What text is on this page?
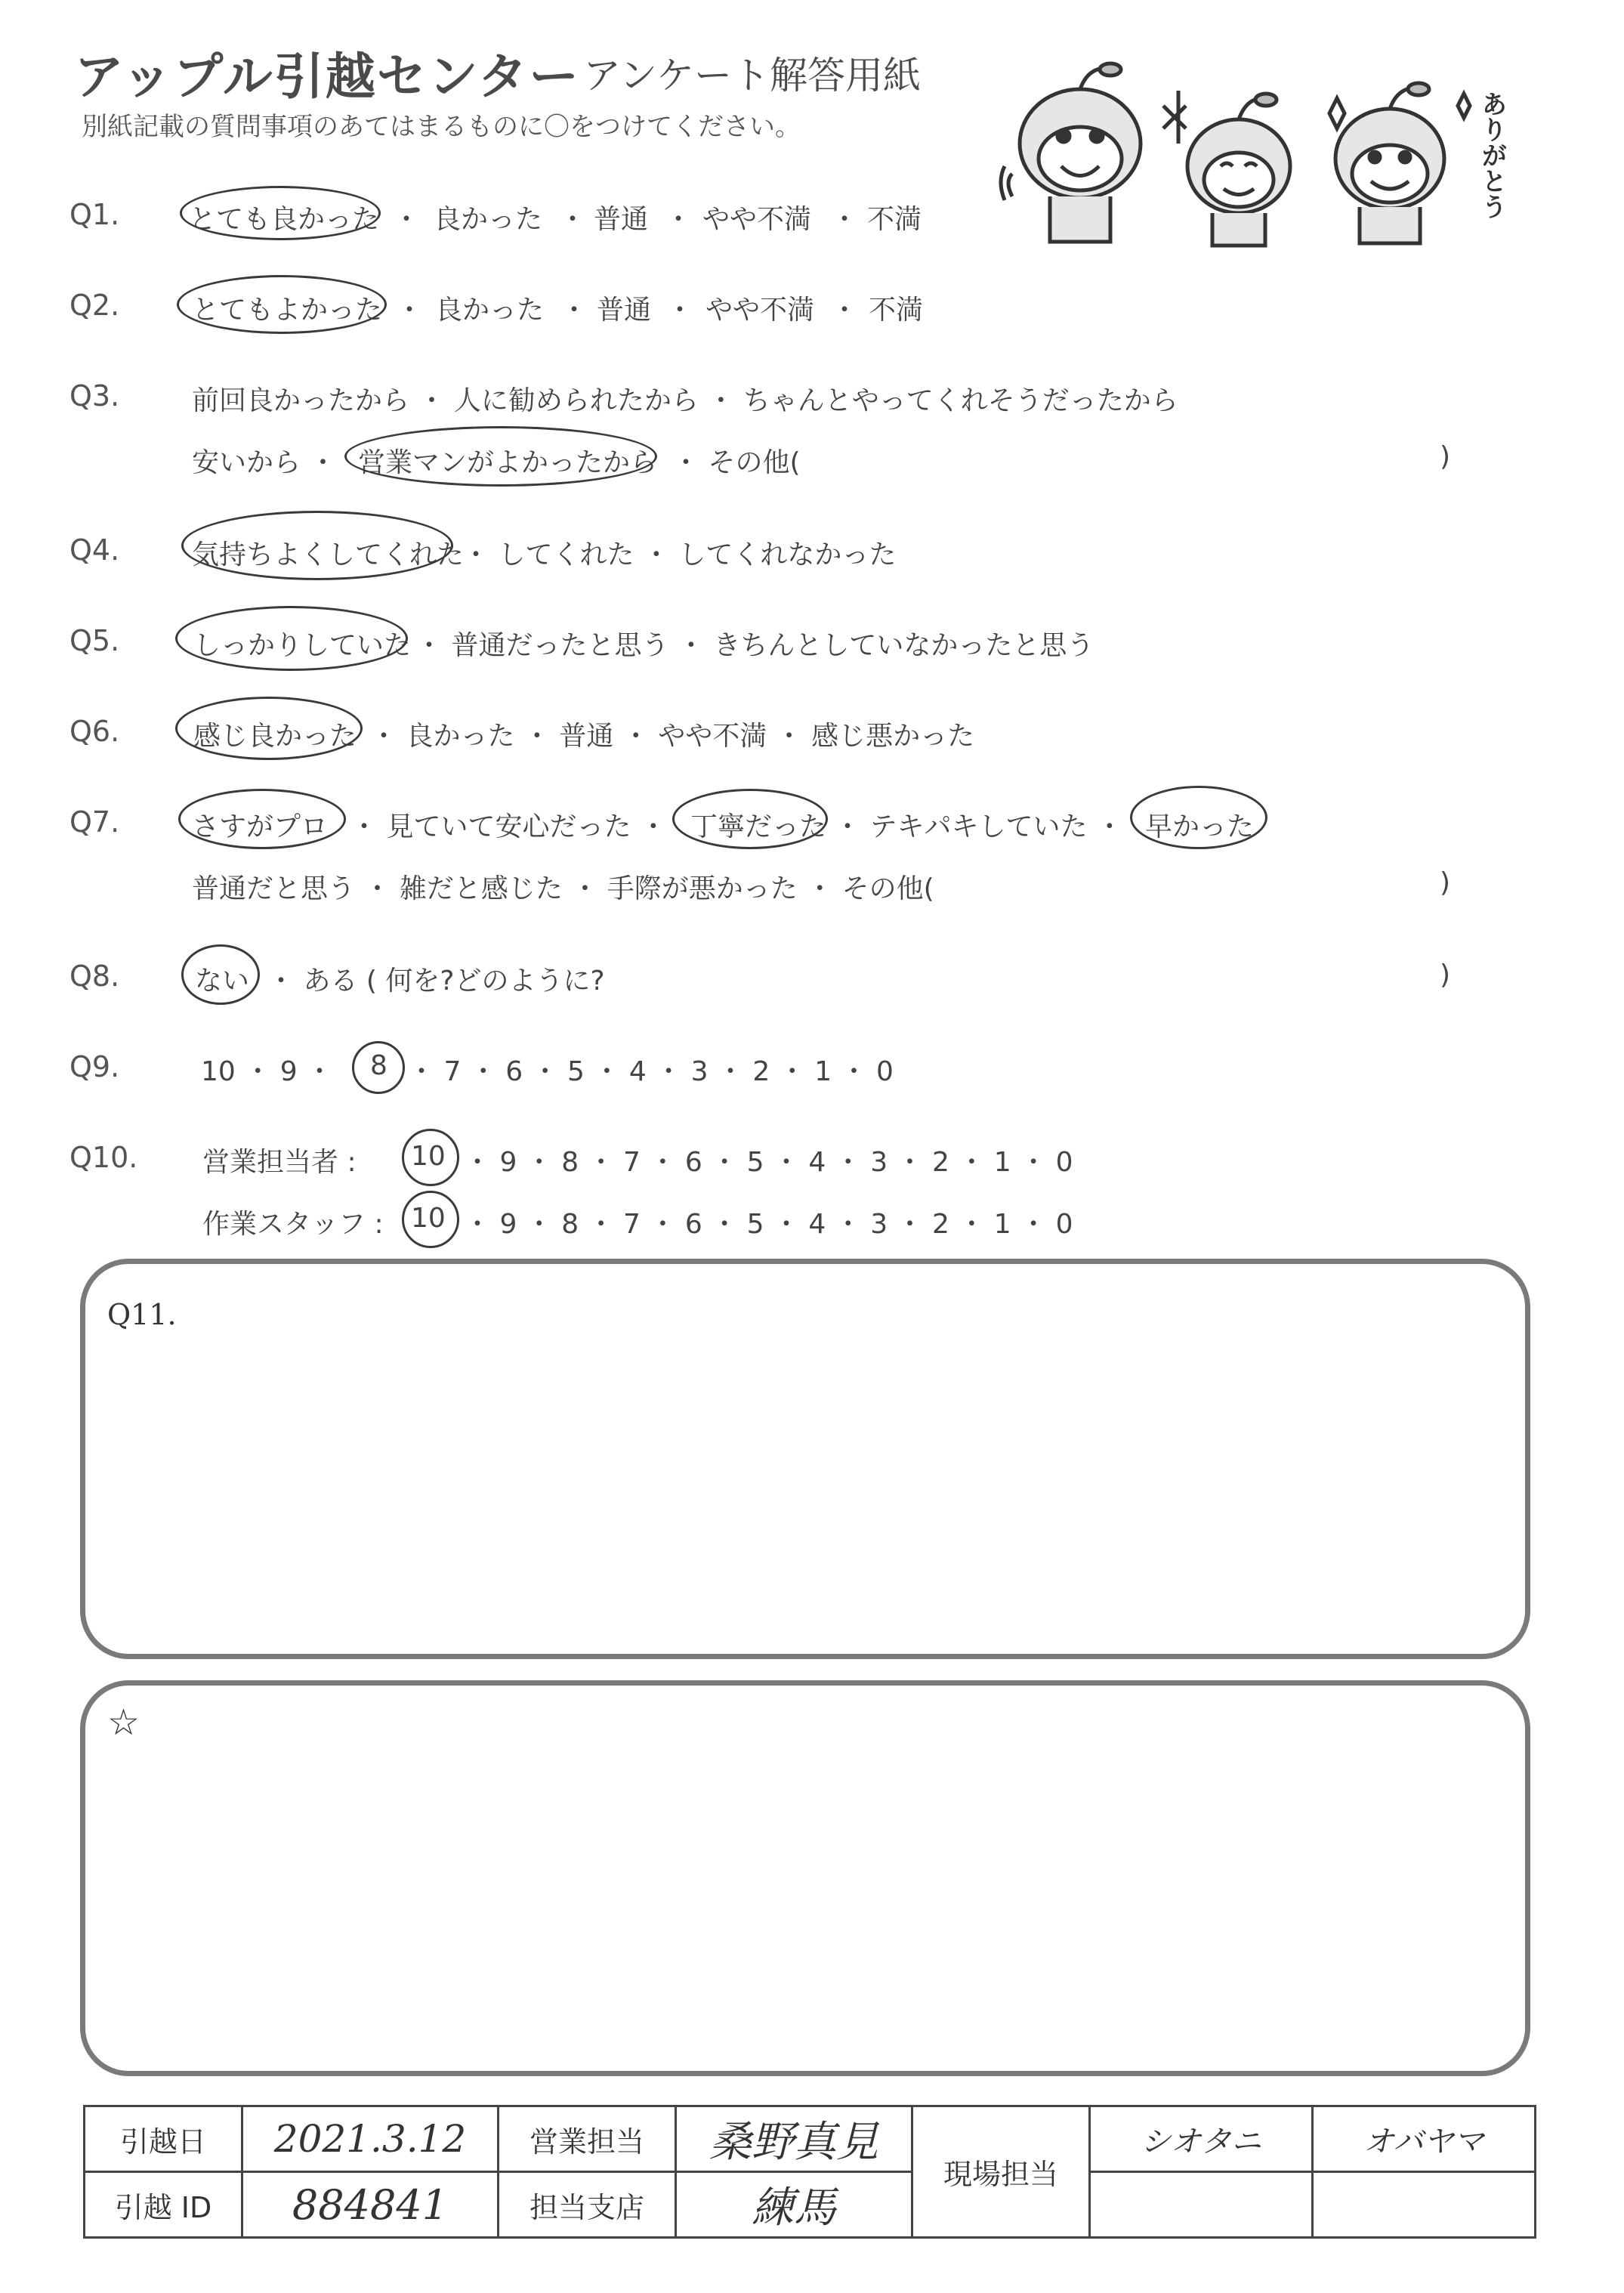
アップル引越センター アンケート解答用紙
別紙記載の質問事項のあてはまるものに〇をつけてください。	ありがとう
Q1.	とても良かった ・ 良かった ・ 普通 ・ やや不満 ・ 不満
Q2.	とてもよかった ・ 良かった ・ 普通 ・ やや不満 ・ 不満
Q3.	前回良かったから ・ 人に勧められたから ・ ちゃんとやってくれそうだったから
安いから ・ 営業マンがよかったから ・ その他(	)
Q4.	気持ちよくしてくれた
・ してくれた ・ してくれなかった
Q5.	しっかりしていた ・ 普通だったと思う ・ きちんとしていなかったと思う
Q6.	感じ良かった ・ 良かった ・ 普通 ・ やや不満 ・ 感じ悪かった
Q7.	さすがプロ ・ 見ていて安心だった ・ 丁寧だった ・ テキパキしていた ・ 早かった
普通だと思う ・ 雑だと感じた ・ 手際が悪かった ・ その他(	)
Q8.	ない ・ ある ( 何を?どのように?	)
Q9.	10 ・ 9 ・ 8 ・ 7 ・ 6 ・ 5 ・ 4 ・ 3 ・ 2 ・ 1 ・ 0
Q10. 営業担当者 : 10 ・ 9 ・ 8 ・ 7 ・ 6 ・ 5 ・ 4 ・ 3 ・ 2 ・ 1 ・ 0
作業スタッフ : 10 ・ 9 ・ 8 ・ 7 ・ 6 ・ 5 ・ 4 ・ 3 ・ 2 ・ 1 ・ 0
Q11.
☆
引越日	2021.3.12	営業担当	桑野真見	現場担当	シオタニ	オバヤマ
引越 ID	884841	担当支店	練馬			
